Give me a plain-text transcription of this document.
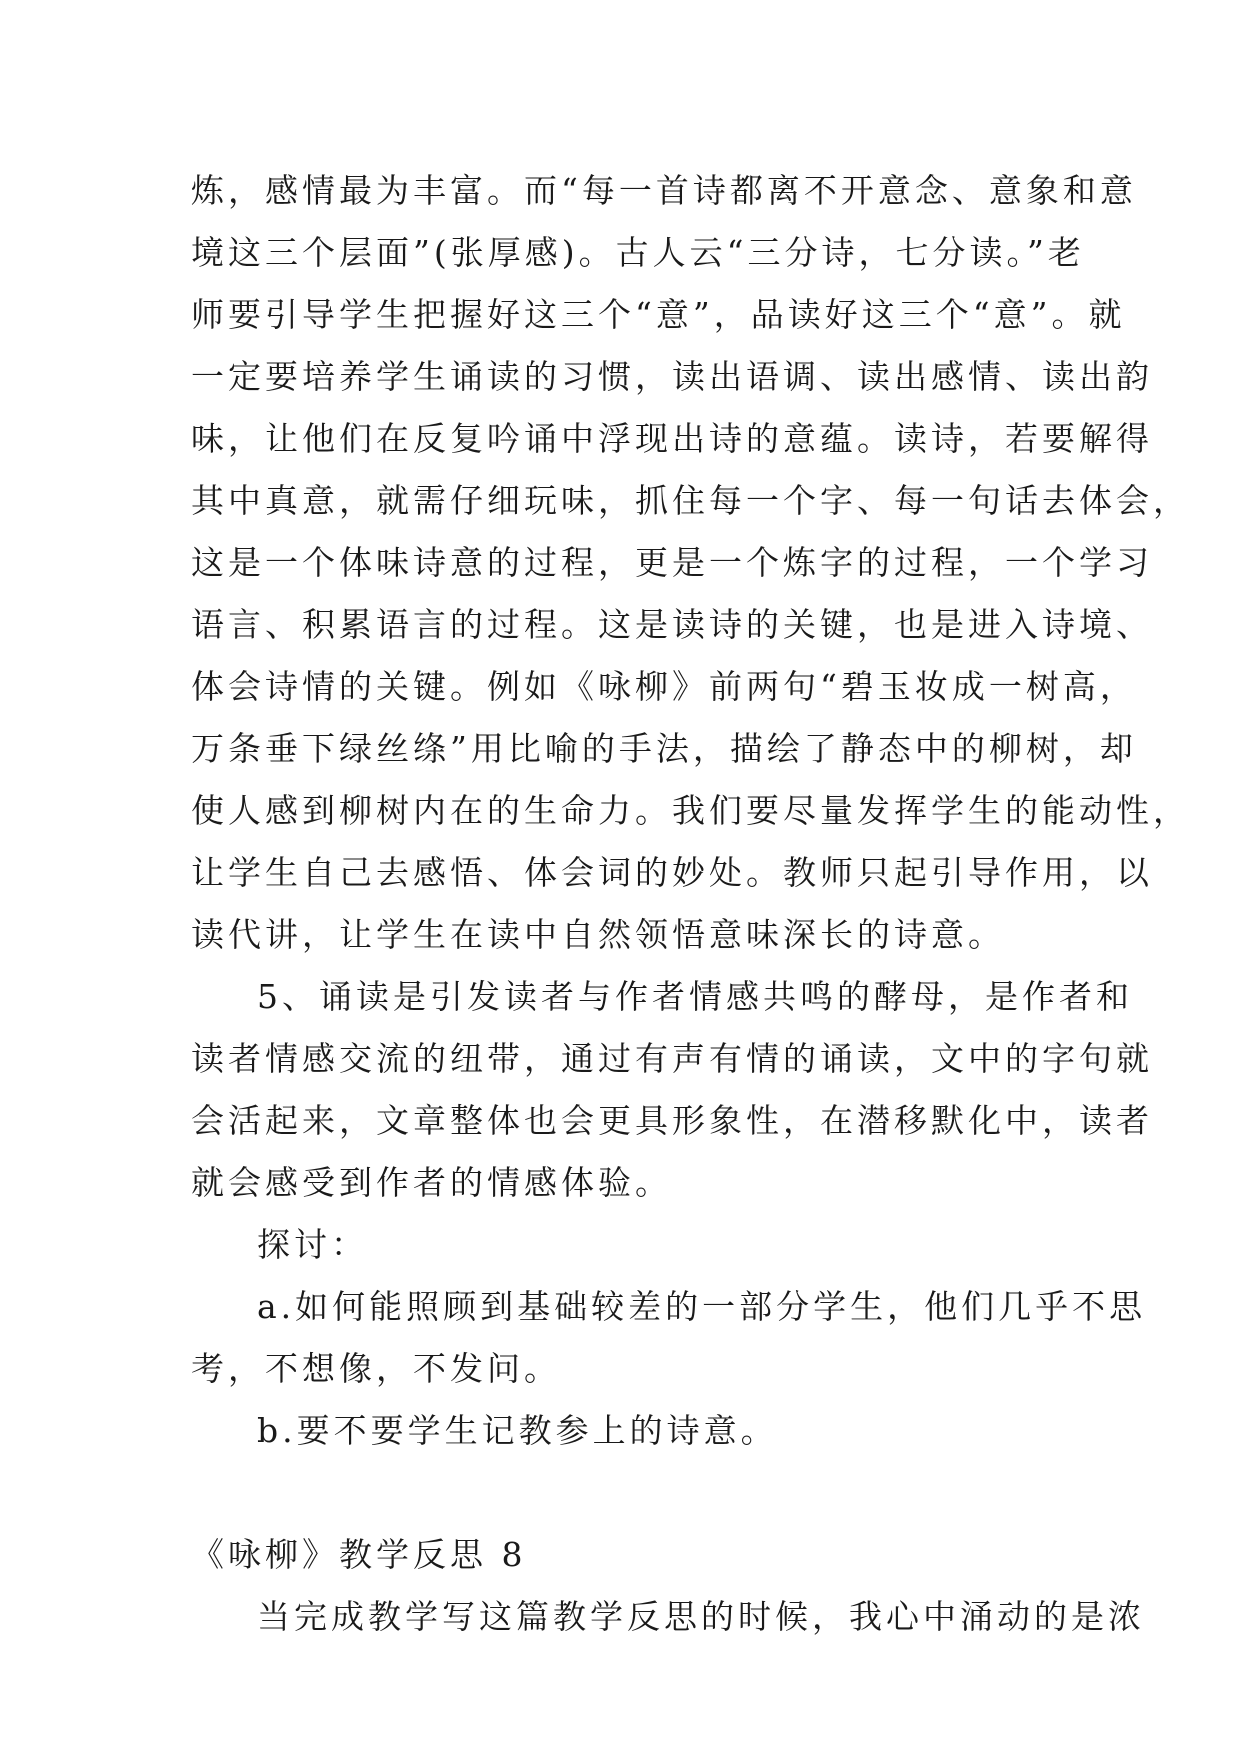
炼，感情最为丰富。而“每一首诗都离不开意念、意象和意
境这三个层面”(张厚感)。古人云“三分诗，七分读。”老
师要引导学生把握好这三个“意”，品读好这三个“意”。就
一定要培养学生诵读的习惯，读出语调、读出感情、读出韵
味，让他们在反复吟诵中浮现出诗的意蕴。读诗，若要解得
其中真意，就需仔细玩味，抓住每一个字、每一句话去体会，
这是一个体味诗意的过程，更是一个炼字的过程，一个学习
语言、积累语言的过程。这是读诗的关键，也是进入诗境、
体会诗情的关键。例如《咏柳》前两句“碧玉妆成一树高，
万条垂下绿丝绦”用比喻的手法，描绘了静态中的柳树，却
使人感到柳树内在的生命力。我们要尽量发挥学生的能动性，
让学生自己去感悟、体会词的妙处。教师只起引导作用，以
读代讲，让学生在读中自然领悟意味深长的诗意。
5、诵读是引发读者与作者情感共鸣的酵母，是作者和
读者情感交流的纽带，通过有声有情的诵读，文中的字句就
会活起来，文章整体也会更具形象性，在潜移默化中，读者
就会感受到作者的情感体验。
探讨：
a.如何能照顾到基础较差的一部分学生，他们几乎不思
考，不想像，不发问。
b.要不要学生记教参上的诗意。
《咏柳》教学反思 8
当完成教学写这篇教学反思的时候，我心中涌动的是浓
